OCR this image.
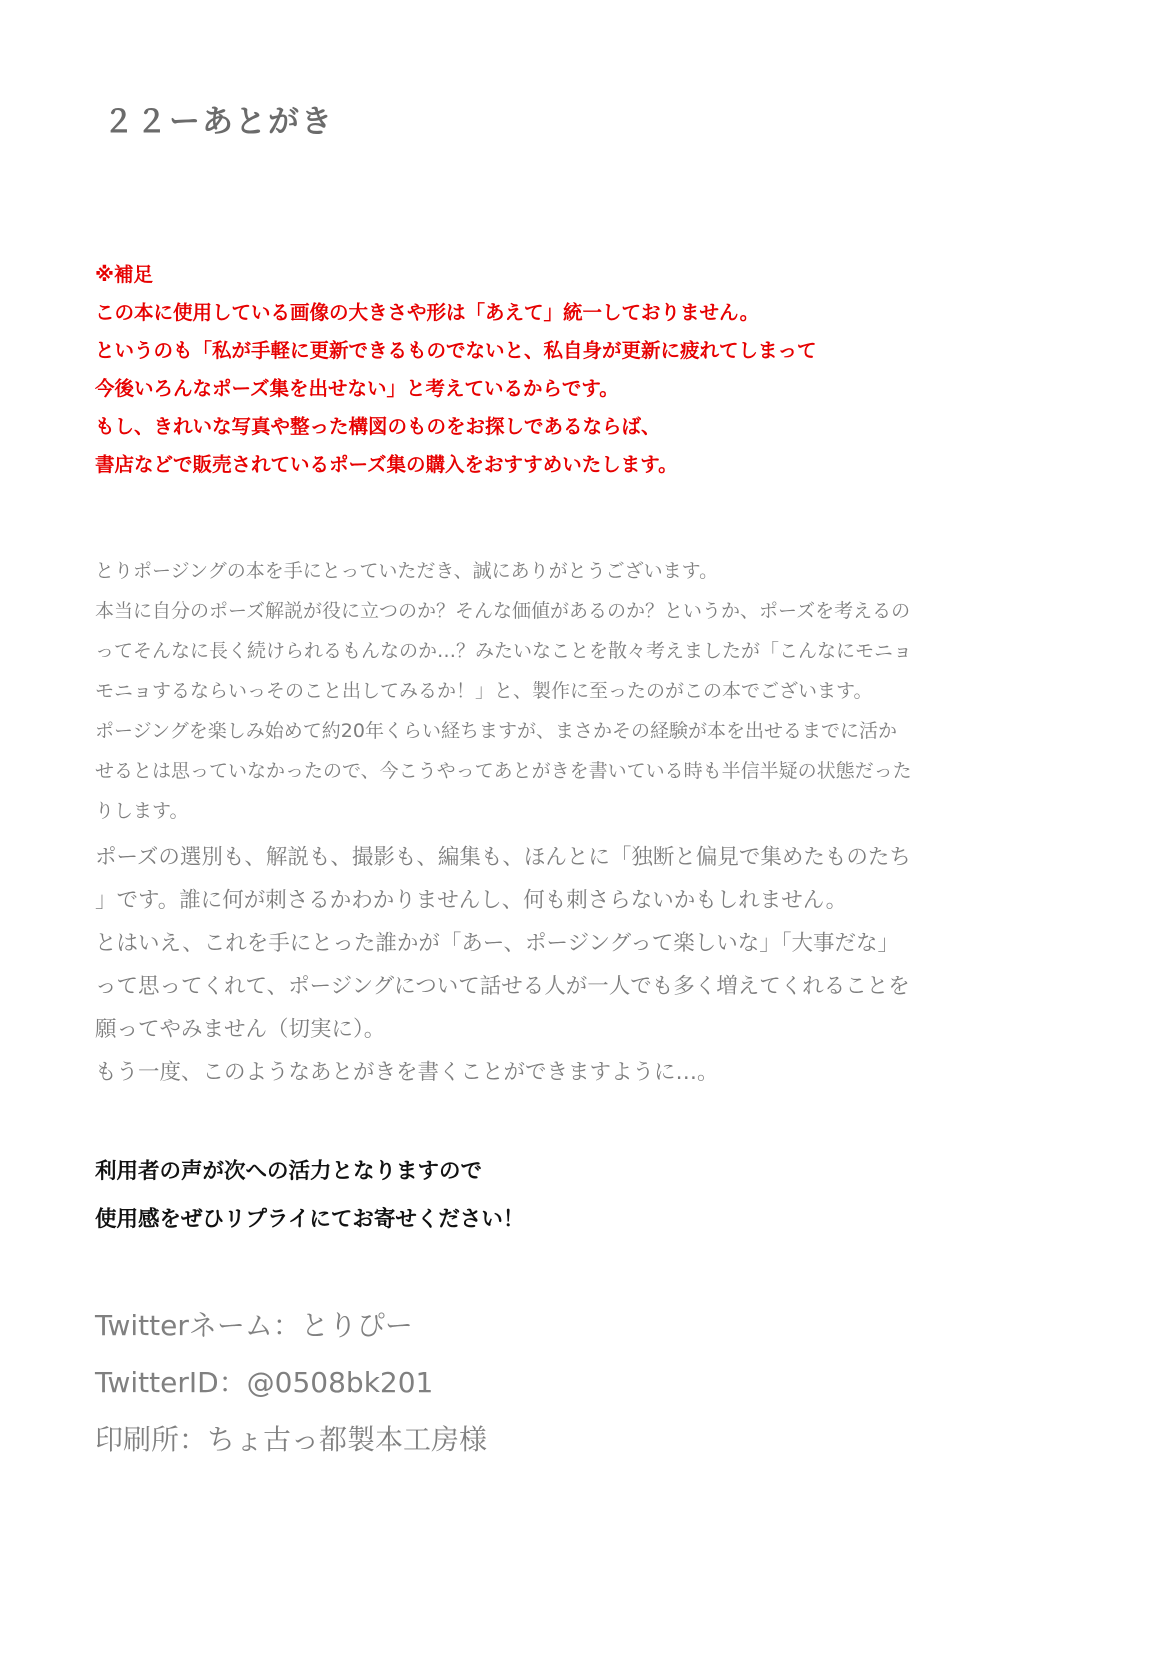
２２ーあとがき
※補足
この本に使用している画像の大きさや形は「あえて」統一しておりません。
というのも「私が手軽に更新できるものでないと、私自身が更新に疲れてしまって
今後いろんなポーズ集を出せない」と考えているからです。
もし、きれいな写真や整った構図のものをお探しであるならば、
書店などで販売されているポーズ集の購入をおすすめいたします。
とりポージングの本を手にとっていただき、誠にありがとうございます。
本当に自分のポーズ解説が役に立つのか？そんな価値があるのか？というか、ポーズを考えるの
ってそんなに長く続けられるもんなのか…？みたいなことを散々考えましたが「こんなにモニョ
モニョするならいっそのこと出してみるか！」と、製作に至ったのがこの本でございます。
ポージングを楽しみ始めて約20年くらい経ちますが、まさかその経験が本を出せるまでに活か
せるとは思っていなかったので、今こうやってあとがきを書いている時も半信半疑の状態だった
りします。
ポーズの選別も、解説も、撮影も、編集も、ほんとに「独断と偏見で集めたものたち
」です。誰に何が刺さるかわかりませんし、何も刺さらないかもしれません。
とはいえ、これを手にとった誰かが「あー、ポージングって楽しいな」「大事だな」
って思ってくれて、ポージングについて話せる人が一人でも多く増えてくれることを
願ってやみません（切実に）。
もう一度、このようなあとがきを書くことができますように…。
利用者の声が次への活力となりますので
使用感をぜひリプライにてお寄せください！
Twitterネーム：とりぴー
TwitterID：@0508bk201
印刷所：ちょ古っ都製本工房様
